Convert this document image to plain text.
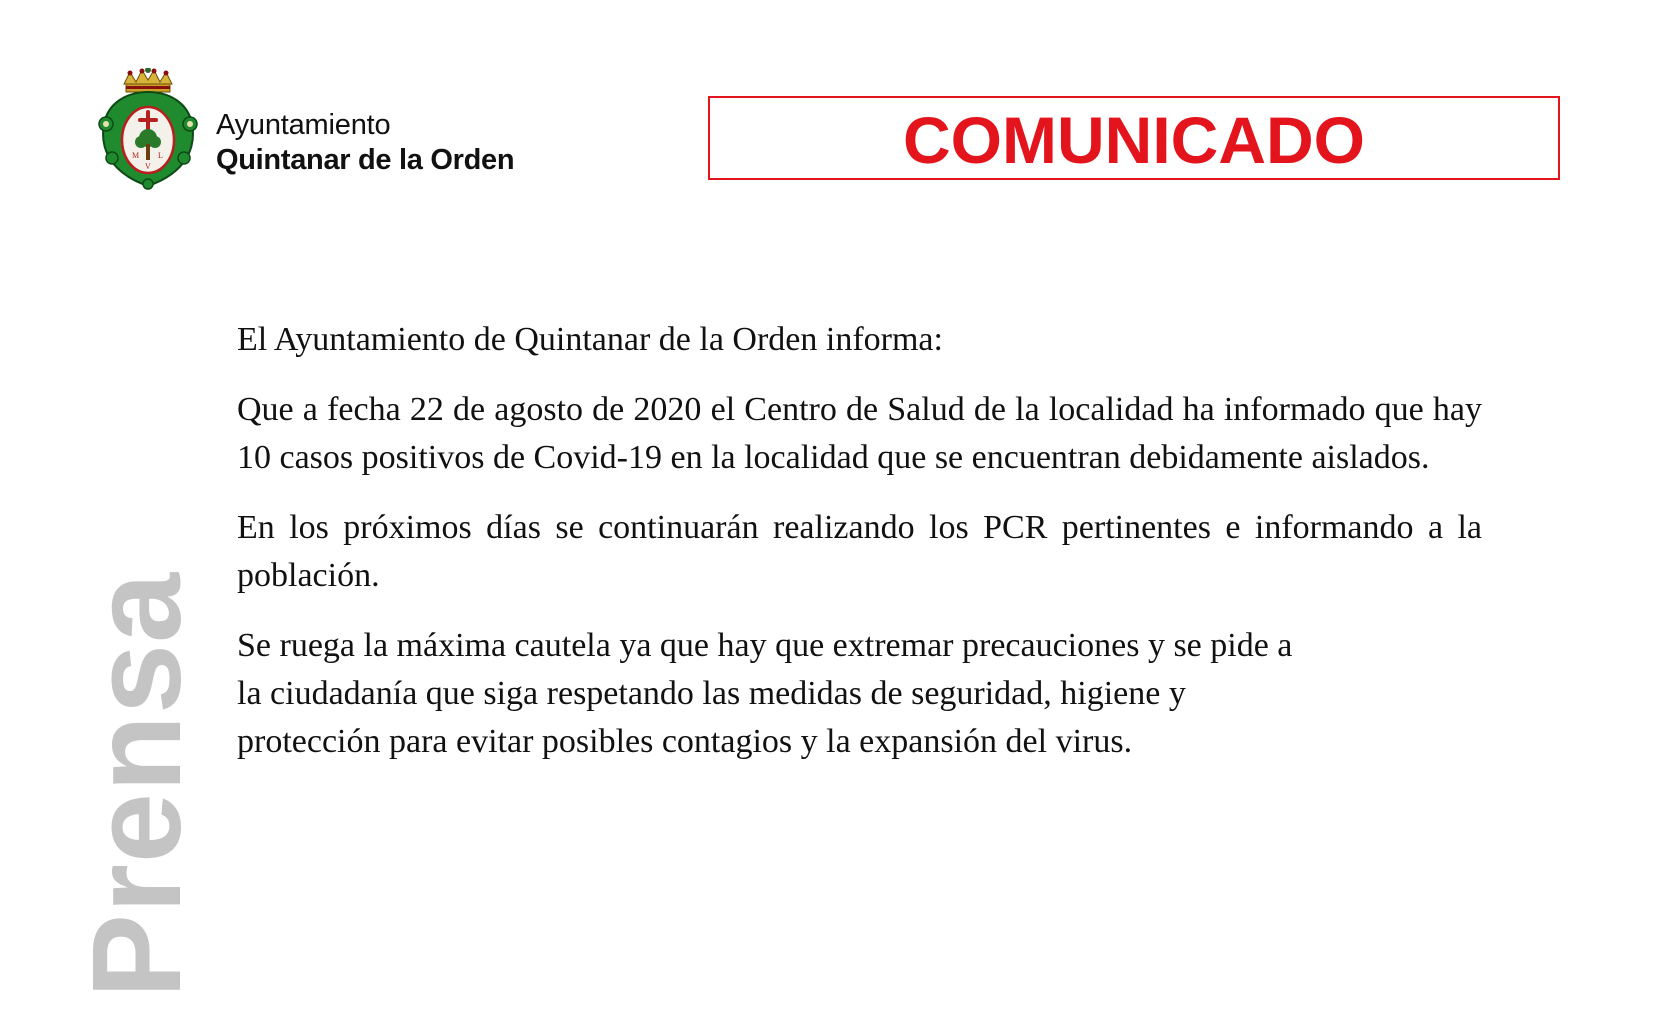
M L
V
Ayuntamiento
Quintanar de la Orden	COMUNICADO
Prensa

El Ayuntamiento de Quintanar de la Orden informa:

Que a fecha 22 de agosto de 2020 el Centro de Salud de la localidad ha informado que hay 10 casos positivos de Covid-19 en la localidad que se encuentran debidamente aislados.

En los próximos días se continuarán realizando los PCR pertinentes e informando a la población.

Se ruega la máxima cautela ya que hay que extremar precauciones y se pide a
la ciudadanía que siga respetando las medidas de seguridad, higiene y
protección para evitar posibles contagios y la expansión del virus.
